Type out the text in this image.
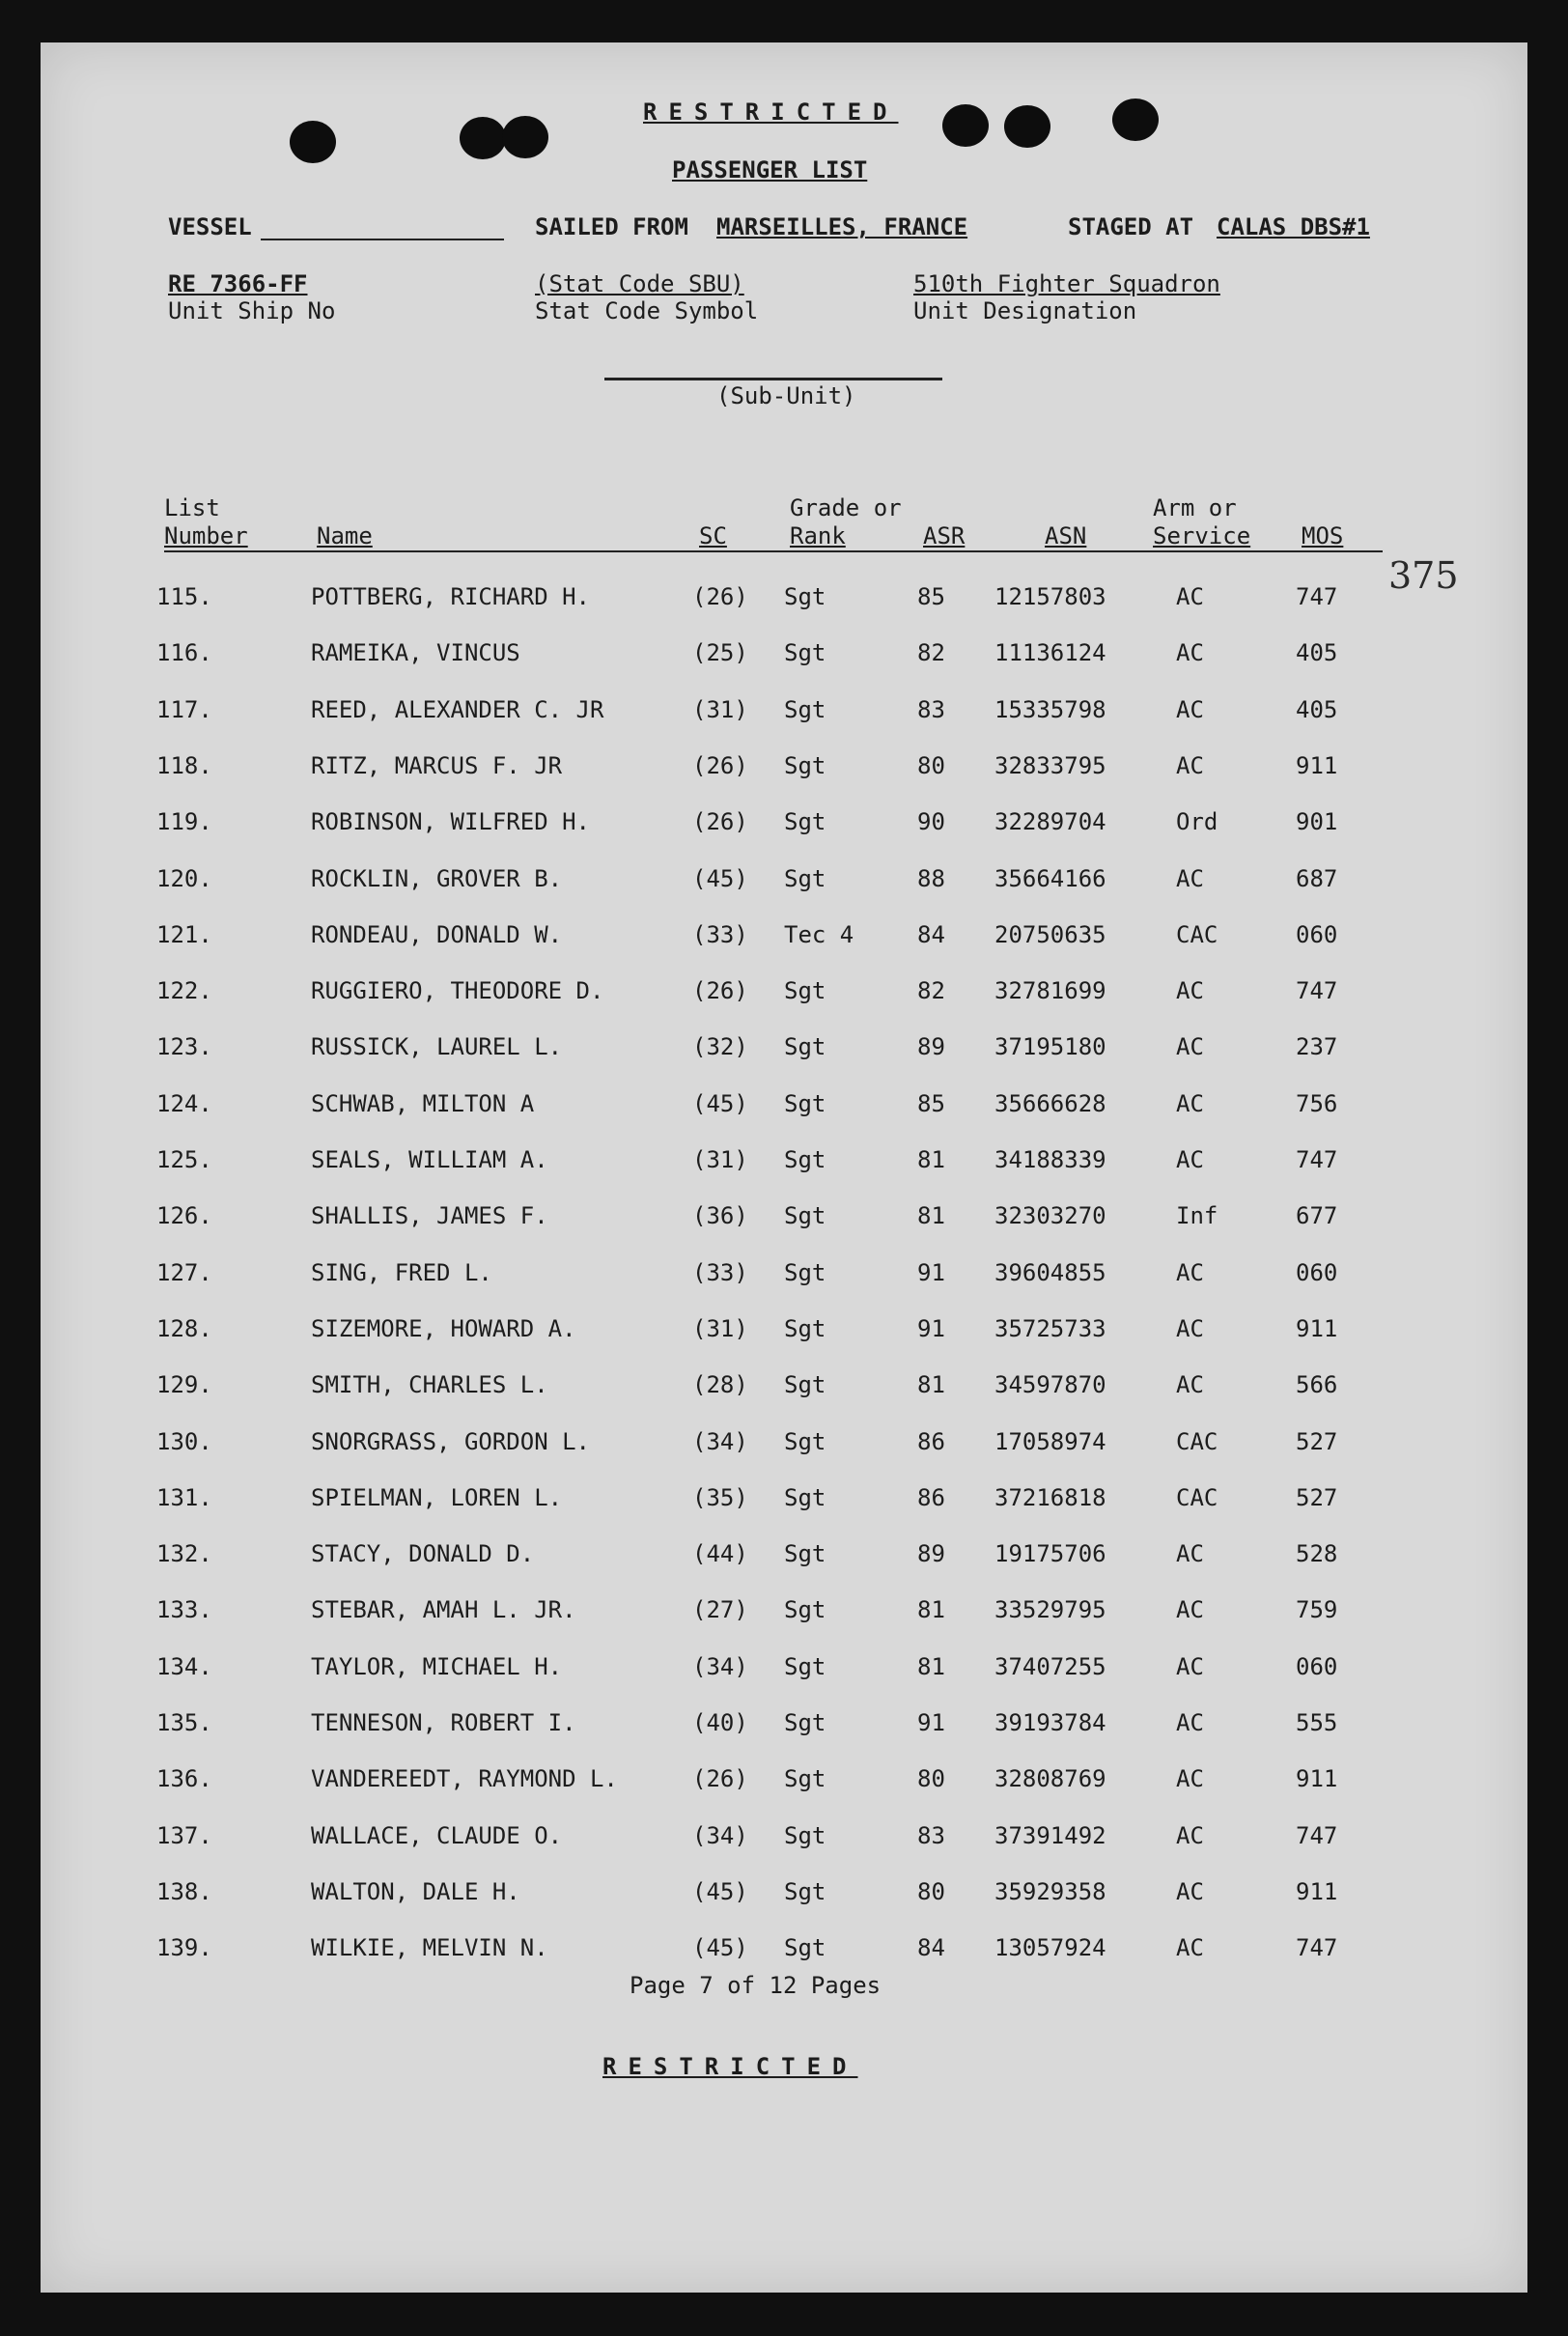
RESTRICTED
PASSENGER LIST
VESSEL	SAILED FROM MARSEILLES, FRANCE	STAGED AT CALAS DBS#1
RE 7366-FF
Unit Ship No
(Stat Code SBU)
Stat Code Symbol
510th Fighter Squadron
Unit Designation
(Sub-Unit)
375
List
Number	Name	SC
Grade or
Rank	ASR	ASN
Arm or
Service MOS
115.	POTTBERG, RICHARD H.	(26) Sgt	85 12157803	AC	747
116.	RAMEIKA, VINCUS	(25) Sgt	82 11136124	AC	405
117.	REED, ALEXANDER C. JR	(31) Sgt	83 15335798	AC	405
118.	RITZ, MARCUS F. JR	(26) Sgt	80 32833795	AC	911
119.	ROBINSON, WILFRED H.	(26) Sgt	90 32289704	Ord	901
120.	ROCKLIN, GROVER B.	(45) Sgt	88 35664166	AC	687
121.	RONDEAU, DONALD W.	(33) Tec 4	84 20750635	CAC	060
122.	RUGGIERO, THEODORE D.	(26) Sgt	82 32781699	AC	747
123.	RUSSICK, LAUREL L.	(32) Sgt	89 37195180	AC	237
124.	SCHWAB, MILTON A	(45) Sgt	85 35666628	AC	756
125.	SEALS, WILLIAM A.	(31) Sgt	81 34188339	AC	747
126.	SHALLIS, JAMES F.	(36) Sgt	81 32303270	Inf	677
127.	SING, FRED L.	(33) Sgt	91 39604855	AC	060
128.	SIZEMORE, HOWARD A.	(31) Sgt	91 35725733	AC	911
129.	SMITH, CHARLES L.	(28) Sgt	81 34597870	AC	566
130.	SNORGRASS, GORDON L.	(34) Sgt	86 17058974	CAC	527
131.	SPIELMAN, LOREN L.	(35) Sgt	86 37216818	CAC	527
132.	STACY, DONALD D.	(44) Sgt	89 19175706	AC	528
133.	STEBAR, AMAH L. JR.	(27) Sgt	81 33529795	AC	759
134.	TAYLOR, MICHAEL H.	(34) Sgt	81 37407255	AC	060
135.	TENNESON, ROBERT I.	(40) Sgt	91 39193784	AC	555
136.	VANDEREEDT, RAYMOND L.	(26) Sgt	80 32808769	AC	911
137.	WALLACE, CLAUDE O.	(34) Sgt	83 37391492	AC	747
138.	WALTON, DALE H.	(45) Sgt	80 35929358	AC	911
139.	WILKIE, MELVIN N.	(45) Sgt	84 13057924	AC	747
Page 7 of 12 Pages
RESTRICTED
